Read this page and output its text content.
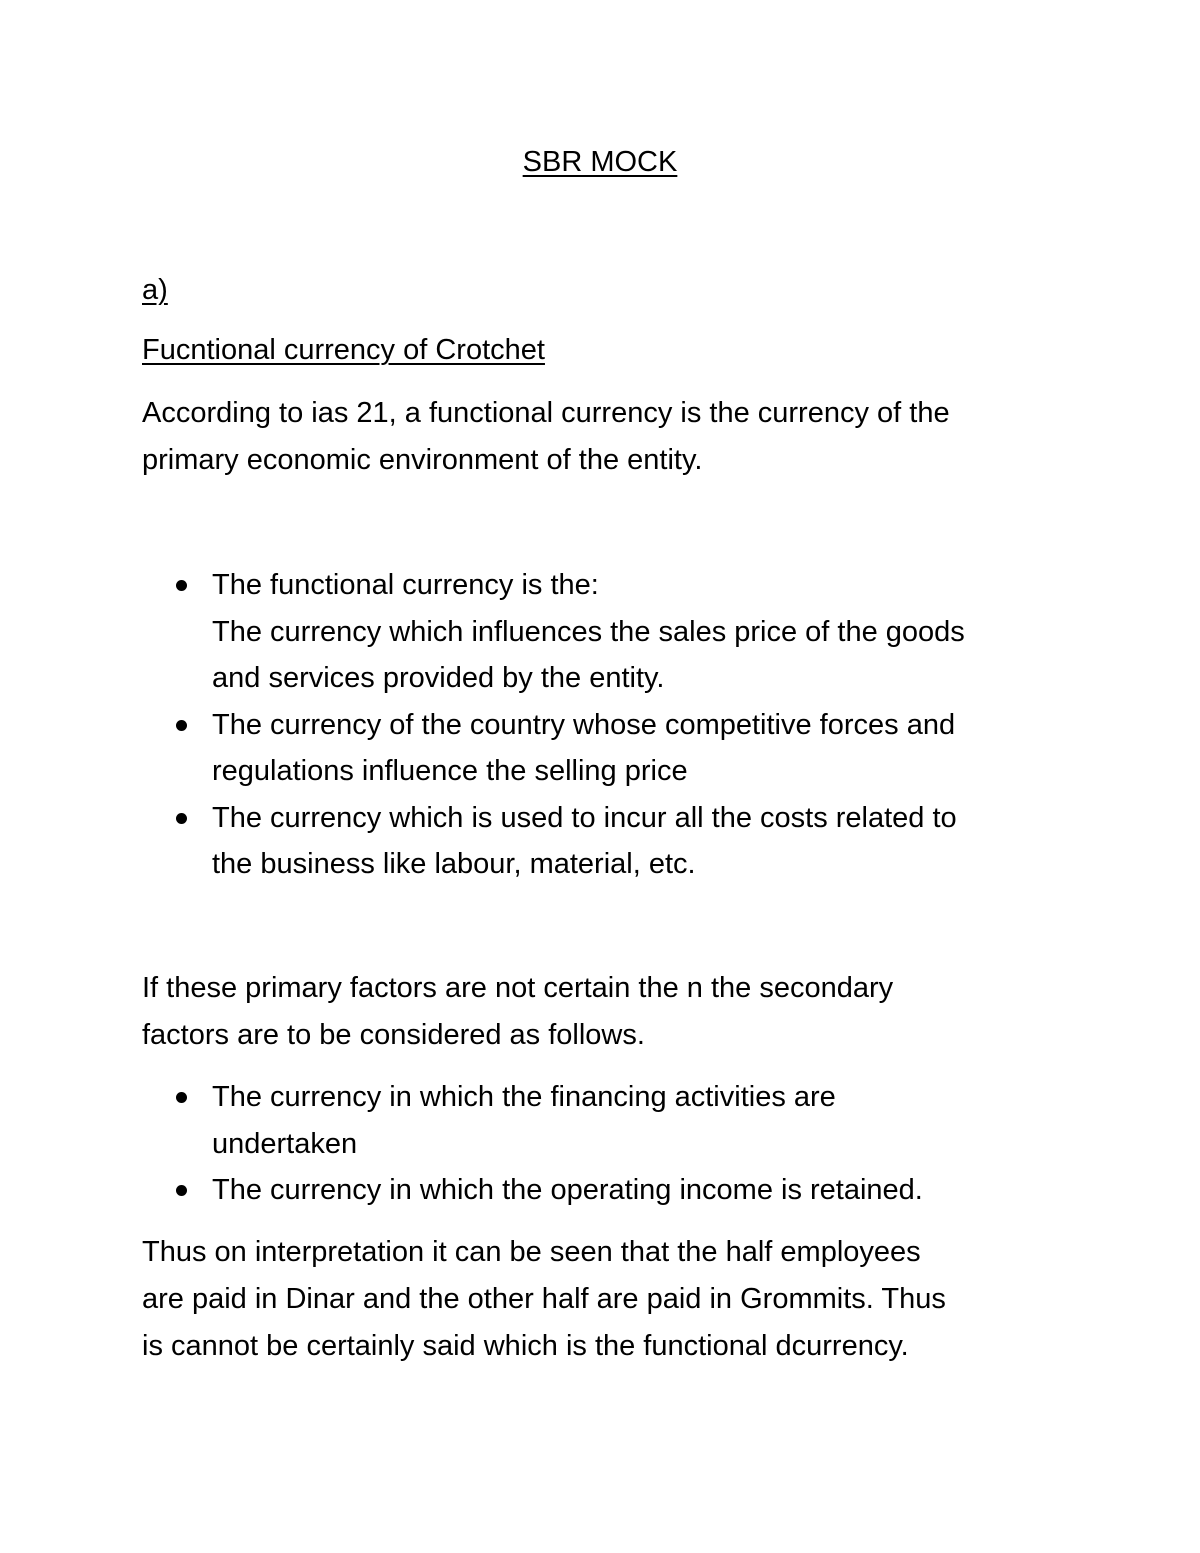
SBR MOCK
a)
Fucntional currency of Crotchet
According to ias 21, a functional currency is the currency of the
primary economic environment of the entity.
The functional currency is the:
The currency which influences the sales price of the goods
and services provided by the entity.
The currency of the country whose competitive forces and
regulations influence the selling price
The currency which is used to incur all the costs related to
the business like labour, material, etc.
If these primary factors are not certain the n the secondary
factors are to be considered as follows.
The currency in which the financing activities are
undertaken
The currency in which the operating income is retained.
Thus on interpretation it can be seen that the half employees
are paid in Dinar and the other half are paid in Grommits. Thus
is cannot be certainly said which is the functional dcurrency.
